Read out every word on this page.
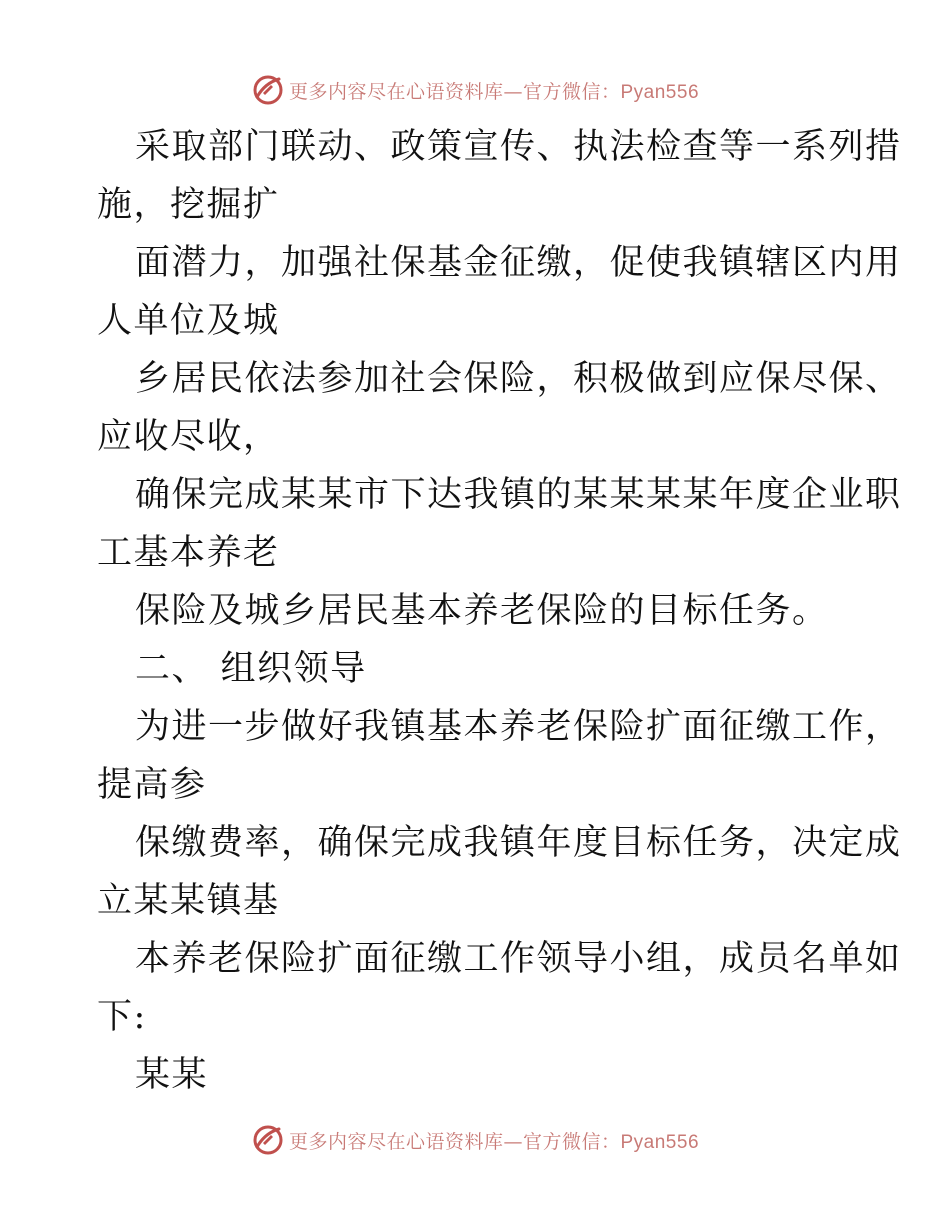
更多内容尽在心语资料库—官方微信：Pyan556
采取部门联动、政策宣传、执法检查等一系列措
施，挖掘扩
面潜力，加强社保基金征缴，促使我镇辖区内用
人单位及城
乡居民依法参加社会保险，积极做到应保尽保、
应收尽收，
确保完成某某市下达我镇的某某某某年度企业职
工基本养老
保险及城乡居民基本养老保险的目标任务。
二、 组织领导
为进一步做好我镇基本养老保险扩面征缴工作，
提高参
保缴费率，确保完成我镇年度目标任务，决定成
立某某镇基
本养老保险扩面征缴工作领导小组，成员名单如
下:
某某
更多内容尽在心语资料库—官方微信：Pyan556
